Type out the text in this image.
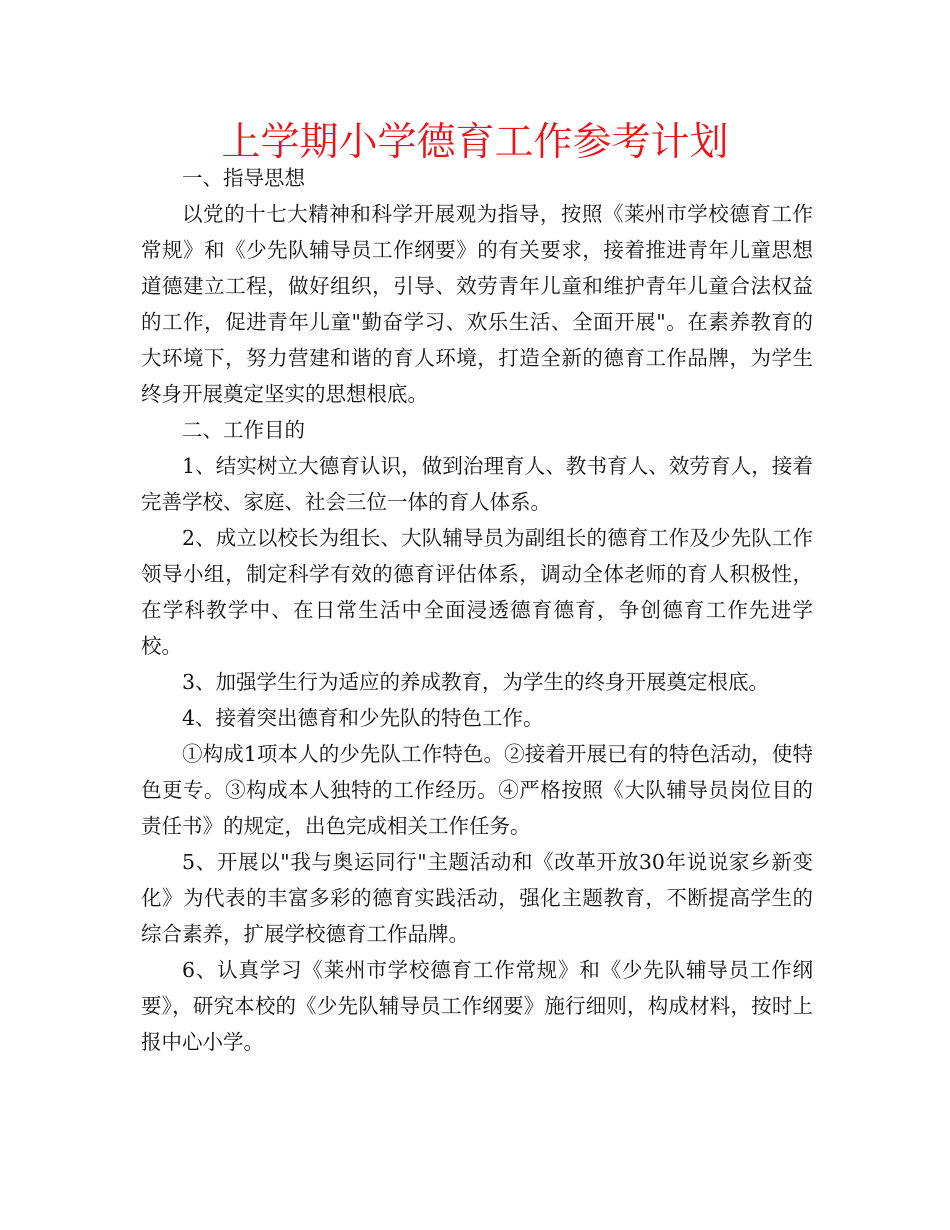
上学期小学德育工作参考计划

一、指导思想

以党的十七大精神和科学开展观为指导，按照《莱州市学校德育工作常规》和《少先队辅导员工作纲要》的有关要求，接着推进青年儿童思想道德建立工程，做好组织，引导、效劳青年儿童和维护青年儿童合法权益的工作，促进青年儿童"勤奋学习、欢乐生活、全面开展"。在素养教育的大环境下，努力营建和谐的育人环境，打造全新的德育工作品牌，为学生终身开展奠定坚实的思想根底。

二、工作目的

1、结实树立大德育认识，做到治理育人、教书育人、效劳育人，接着完善学校、家庭、社会三位一体的育人体系。

2、成立以校长为组长、大队辅导员为副组长的德育工作及少先队工作领导小组，制定科学有效的德育评估体系，调动全体老师的育人积极性，在学科教学中、在日常生活中全面浸透德育德育，争创德育工作先进学校。

3、加强学生行为适应的养成教育，为学生的终身开展奠定根底。

4、接着突出德育和少先队的特色工作。

①构成1项本人的少先队工作特色。②接着开展已有的特色活动，使特色更专。③构成本人独特的工作经历。④严格按照《大队辅导员岗位目的责任书》的规定，出色完成相关工作任务。

5、开展以"我与奥运同行"主题活动和《改革开放30年说说家乡新变化》为代表的丰富多彩的德育实践活动，强化主题教育，不断提高学生的综合素养，扩展学校德育工作品牌。

6、认真学习《莱州市学校德育工作常规》和《少先队辅导员工作纲要》，研究本校的《少先队辅导员工作纲要》施行细则，构成材料，按时上报中心小学。
